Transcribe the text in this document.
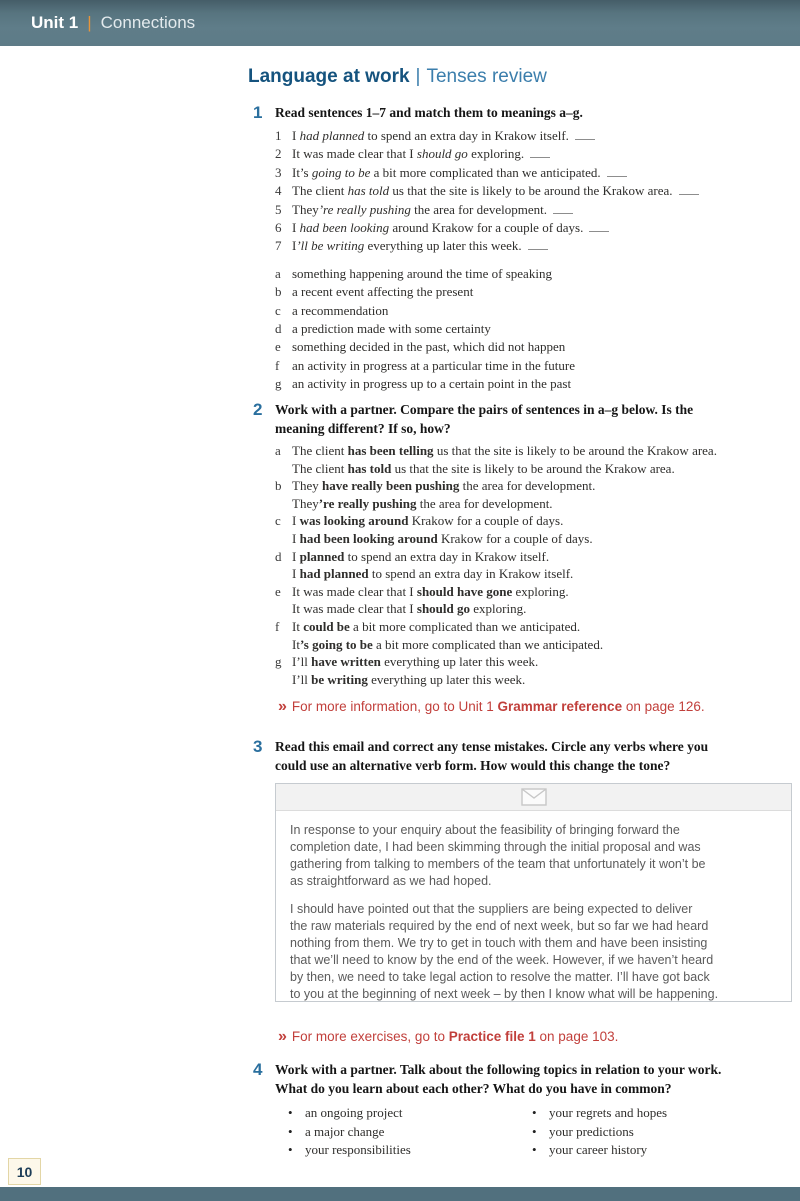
Unit 1 | Connections
Language at work | Tenses review
1 Read sentences 1–7 and match them to meanings a–g.
1 I had planned to spend an extra day in Krakow itself.
2 It was made clear that I should go exploring.
3 It’s going to be a bit more complicated than we anticipated.
4 The client has told us that the site is likely to be around the Krakow area.
5 They’re really pushing the area for development.
6 I had been looking around Krakow for a couple of days.
7 I’ll be writing everything up later this week.
a something happening around the time of speaking
b a recent event affecting the present
c a recommendation
d a prediction made with some certainty
e something decided in the past, which did not happen
f an activity in progress at a particular time in the future
g an activity in progress up to a certain point in the past
2 Work with a partner. Compare the pairs of sentences in a–g below. Is the
meaning different? If so, how?
a The client has been telling us that the site is likely to be around the Krakow area.
The client has told us that the site is likely to be around the Krakow area.
b They have really been pushing the area for development.
They’re really pushing the area for development.
c I was looking around Krakow for a couple of days.
I had been looking around Krakow for a couple of days.
d I planned to spend an extra day in Krakow itself.
I had planned to spend an extra day in Krakow itself.
e It was made clear that I should have gone exploring.
It was made clear that I should go exploring.
f It could be a bit more complicated than we anticipated.
It’s going to be a bit more complicated than we anticipated.
g I’ll have written everything up later this week.
I’ll be writing everything up later this week.
» For more information, go to Unit 1 Grammar reference on page 126.
3 Read this email and correct any tense mistakes. Circle any verbs where you
could use an alternative verb form. How would this change the tone?
In response to your enquiry about the feasibility of bringing forward the
completion date, I had been skimming through the initial proposal and was
gathering from talking to members of the team that unfortunately it won’t be
as straightforward as we had hoped.
I should have pointed out that the suppliers are being expected to deliver
the raw materials required by the end of next week, but so far we had heard
nothing from them. We try to get in touch with them and have been insisting
that we’ll need to know by the end of the week. However, if we haven’t heard
by then, we need to take legal action to resolve the matter. I’ll have got back
to you at the beginning of next week – by then I know what will be happening.
» For more exercises, go to Practice file 1 on page 103.
4 Work with a partner. Talk about the following topics in relation to your work.
What do you learn about each other? What do you have in common?
• an ongoing project
• a major change
• your responsibilities
• your regrets and hopes
• your predictions
• your career history
10
